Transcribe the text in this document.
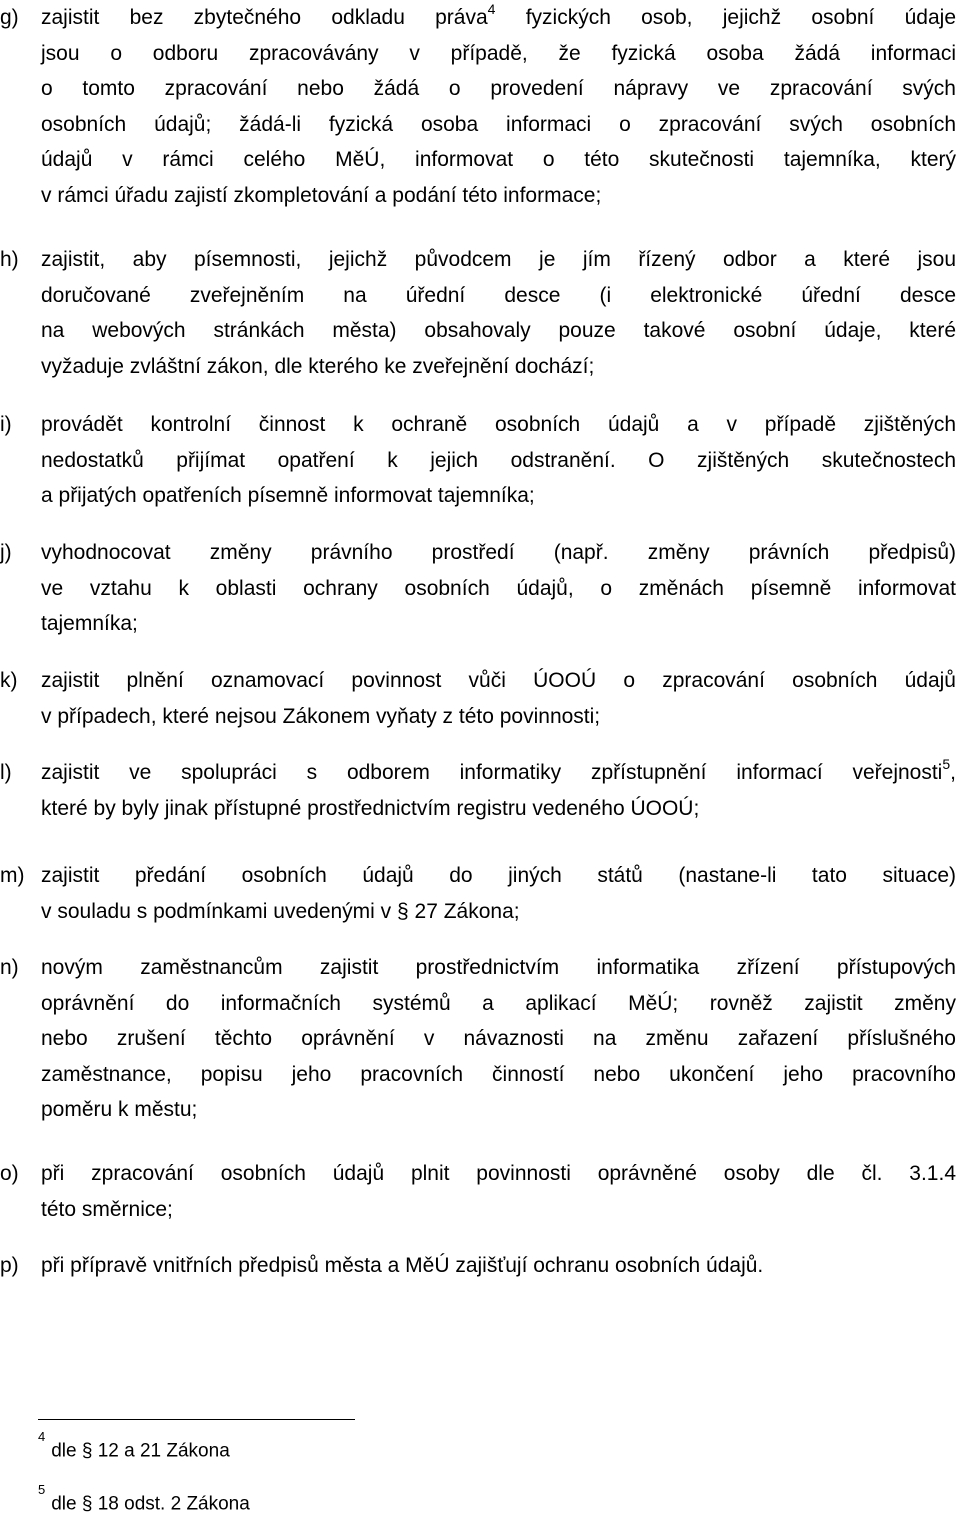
g) zajistit bez zbytečného odkladu práva$^4$ fyzických osob, jejichž osobní údaje
jsou o odboru zpracovávány v případě, že fyzická osoba žádá informaci
o tomto zpracování nebo žádá o provedení nápravy ve zpracování svých
osobních údajů; žádá-li fyzická osoba informaci o zpracování svých osobních
údajů v rámci celého MěÚ, informovat o této skutečnosti tajemníka, který
v rámci úřadu zajistí zkompletování a podání této informace;
h) zajistit, aby písemnosti, jejichž původcem je jím řízený odbor a které jsou
doručované zveřejněním na úřední desce (i elektronické úřední desce
na webových stránkách města) obsahovaly pouze takové osobní údaje, které
vyžaduje zvláštní zákon, dle kterého ke zveřejnění dochází;
i) provádět kontrolní činnost k ochraně osobních údajů a v případě zjištěných
nedostatků přijímat opatření k jejich odstranění. O zjištěných skutečnostech
a přijatých opatřeních písemně informovat tajemníka;
j) vyhodnocovat změny právního prostředí (např. změny právních předpisů)
ve vztahu k oblasti ochrany osobních údajů, o změnách písemně informovat
tajemníka;
k) zajistit plnění oznamovací povinnost vůči ÚOOÚ o zpracování osobních údajů
v případech, které nejsou Zákonem vyňaty z této povinnosti;
l) zajistit ve spolupráci s odborem informatiky zpřístupnění informací veřejnosti$^5$,
které by byly jinak přístupné prostřednictvím registru vedeného ÚOOÚ;
m) zajistit předání osobních údajů do jiných států (nastane-li tato situace)
v souladu s podmínkami uvedenými v § 27 Zákona;
n) novým zaměstnancům zajistit prostřednictvím informatika zřízení přístupových
oprávnění do informačních systémů a aplikací MěÚ; rovněž zajistit změny
nebo zrušení těchto oprávnění v návaznosti na změnu zařazení příslušného
zaměstnance, popisu jeho pracovních činností nebo ukončení jeho pracovního
poměru k městu;
o) při zpracování osobních údajů plnit povinnosti oprávněné osoby dle čl. 3.1.4
této směrnice;
p) při přípravě vnitřních předpisů města a MěÚ zajišťují ochranu osobních údajů.
$^4$dle § 12 a 21 Zákona
$^5$dle § 18 odst. 2 Zákona
